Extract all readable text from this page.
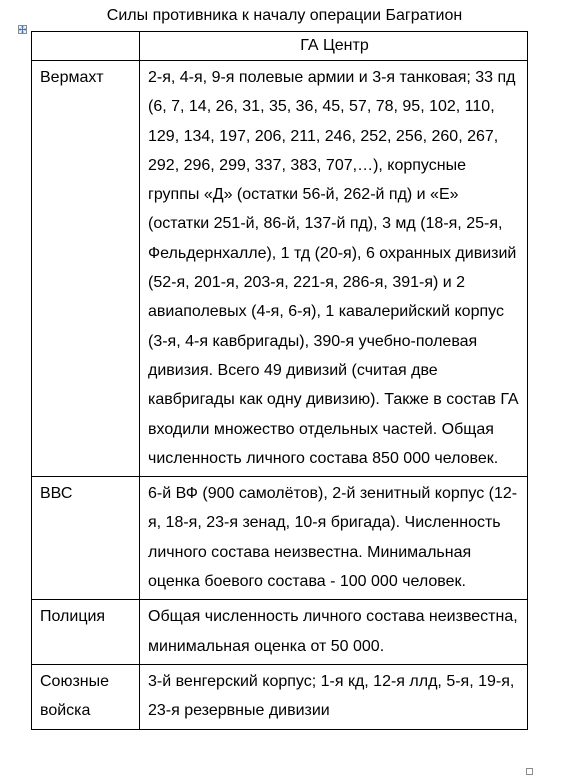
Силы противника к началу операции Багратион
	ГА Центр
Вермахт	2-я, 4-я, 9-я полевые армии и 3-я танковая; 33 пд (6, 7, 14, 26, 31, 35, 36, 45, 57, 78, 95, 102, 110, 129, 134, 197, 206, 211, 246, 252, 256, 260, 267, 292, 296, 299, 337, 383, 707,…), корпусные группы «Д» (остатки 56-й, 262-й пд) и «Е» (остатки 251-й, 86-й, 137-й пд), 3 мд (18-я, 25-я, Фельдернхалле), 1 тд (20-я), 6 охранных дивизий (52-я, 201-я, 203-я, 221-я, 286-я, 391-я) и 2 авиаполевых (4-я, 6-я), 1 кавалерийский корпус (3-я, 4-я кавбригады), 390-я учебно-полевая дивизия. Всего 49 дивизий (считая две кавбригады как одну дивизию). Также в состав ГА входили множество отдельных частей. Общая численность личного состава 850 000 человек.
ВВС	6-й ВФ (900 самолётов), 2-й зенитный корпус (12-я, 18-я, 23-я зенад, 10-я бригада). Численность личного состава неизвестна. Минимальная оценка боевого состава - 100 000 человек.
Полиция	Общая численность личного состава неизвестна, минимальная оценка от 50 000.
Союзные войска	3-й венгерский корпус; 1-я кд, 12-я ллд, 5-я, 19-я, 23-я резервные дивизии
